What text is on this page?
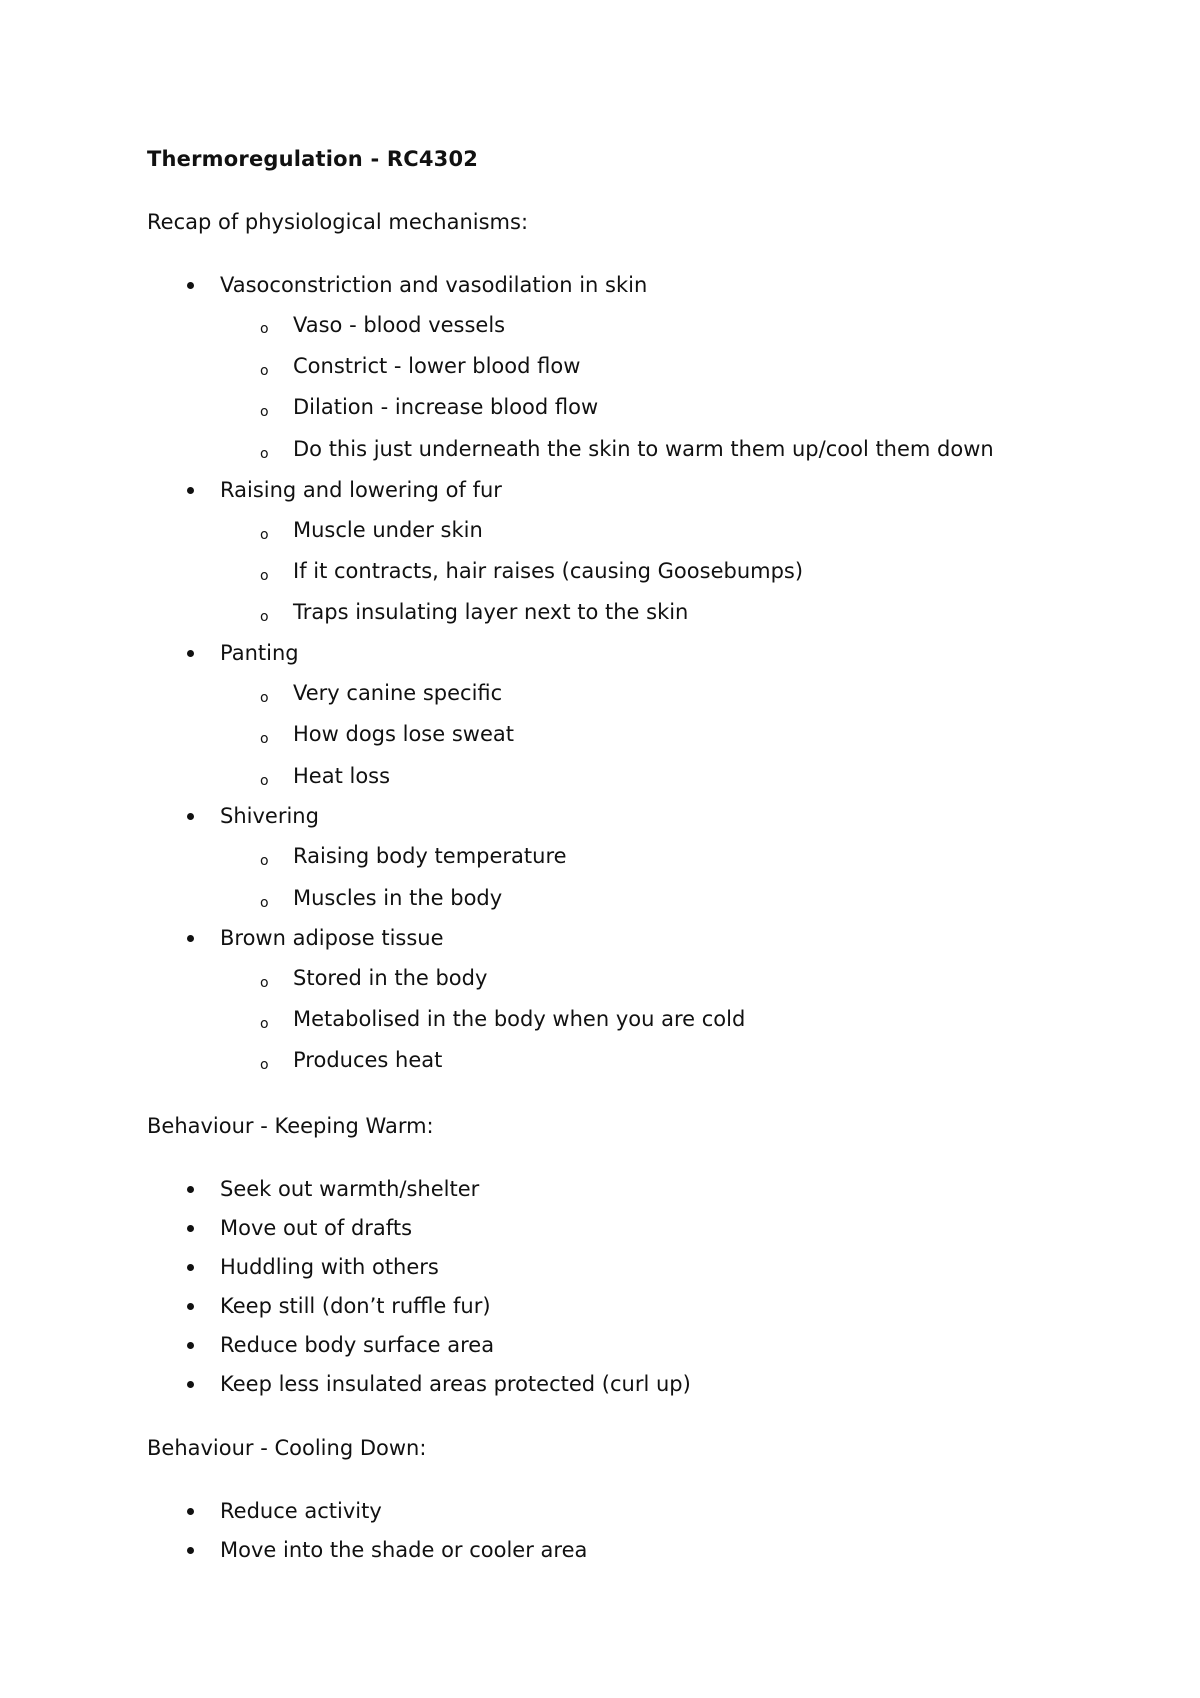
Thermoregulation - RC4302
Recap of physiological mechanisms:
Vasoconstriction and vasodilation in skin
o Vaso - blood vessels
o Constrict - lower blood flow
o Dilation - increase blood flow
o Do this just underneath the skin to warm them up/cool them down
Raising and lowering of fur
o Muscle under skin
o If it contracts, hair raises (causing Goosebumps)
o Traps insulating layer next to the skin
Panting
o Very canine specific
o How dogs lose sweat
o Heat loss
Shivering
o Raising body temperature
o Muscles in the body
Brown adipose tissue
o Stored in the body
o Metabolised in the body when you are cold
o Produces heat
Behaviour - Keeping Warm:
Seek out warmth/shelter
Move out of drafts
Huddling with others
Keep still (don’t ruffle fur)
Reduce body surface area
Keep less insulated areas protected (curl up)
Behaviour - Cooling Down:
Reduce activity
Move into the shade or cooler area
